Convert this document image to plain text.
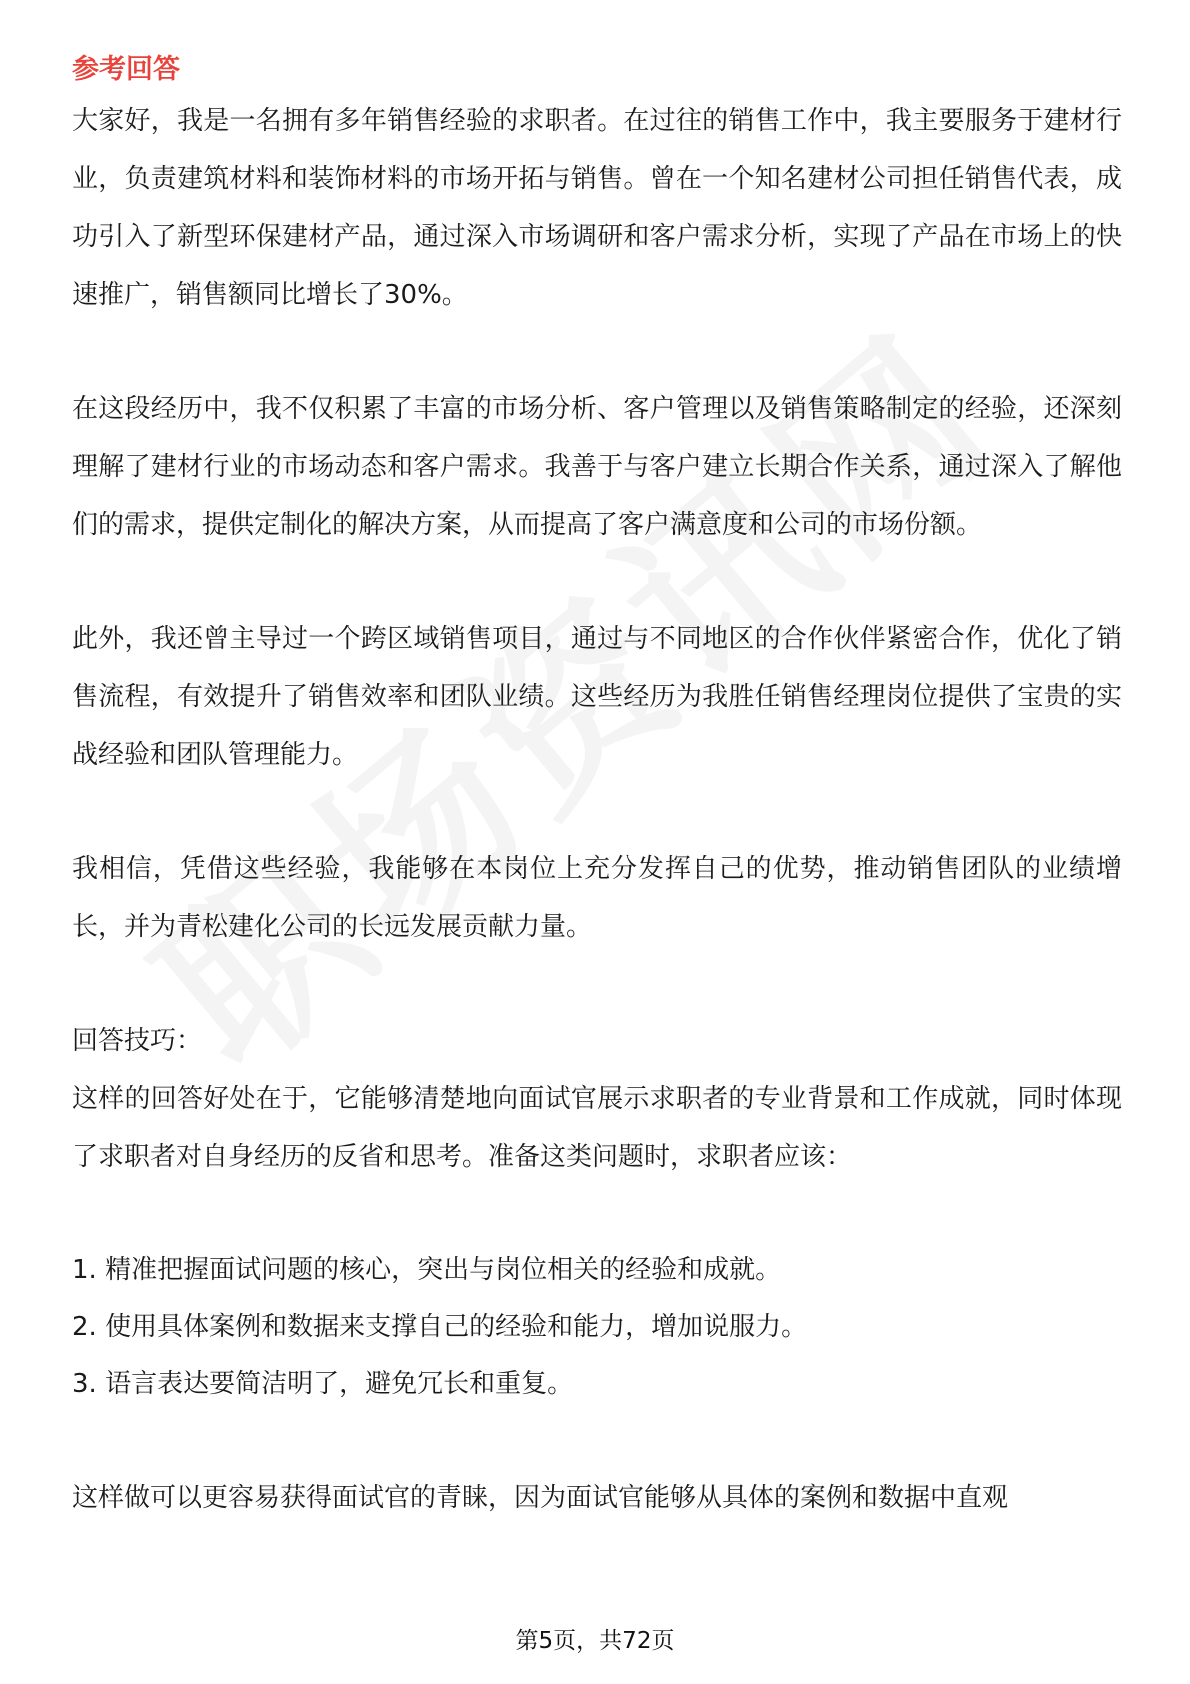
参考回答

大家好，我是一名拥有多年销售经验的求职者。在过往的销售工作中，我主要服务于建材行业，负责建筑材料和装饰材料的市场开拓与销售。曾在一个知名建材公司担任销售代表，成功引入了新型环保建材产品，通过深入市场调研和客户需求分析，实现了产品在市场上的快速推广，销售额同比增长了30%。

在这段经历中，我不仅积累了丰富的市场分析、客户管理以及销售策略制定的经验，还深刻理解了建材行业的市场动态和客户需求。我善于与客户建立长期合作关系，通过深入了解他们的需求，提供定制化的解决方案，从而提高了客户满意度和公司的市场份额。

此外，我还曾主导过一个跨区域销售项目，通过与不同地区的合作伙伴紧密合作，优化了销售流程，有效提升了销售效率和团队业绩。这些经历为我胜任销售经理岗位提供了宝贵的实战经验和团队管理能力。

我相信，凭借这些经验，我能够在本岗位上充分发挥自己的优势，推动销售团队的业绩增长，并为青松建化公司的长远发展贡献力量。

回答技巧：

这样的回答好处在于，它能够清楚地向面试官展示求职者的专业背景和工作成就，同时体现了求职者对自身经历的反省和思考。准备这类问题时，求职者应该：

1. 精准把握面试问题的核心，突出与岗位相关的经验和成就。

2. 使用具体案例和数据来支撑自己的经验和能力，增加说服力。

3. 语言表达要简洁明了，避免冗长和重复。

这样做可以更容易获得面试官的青睐，因为面试官能够从具体的案例和数据中直观

第5页，共72页
